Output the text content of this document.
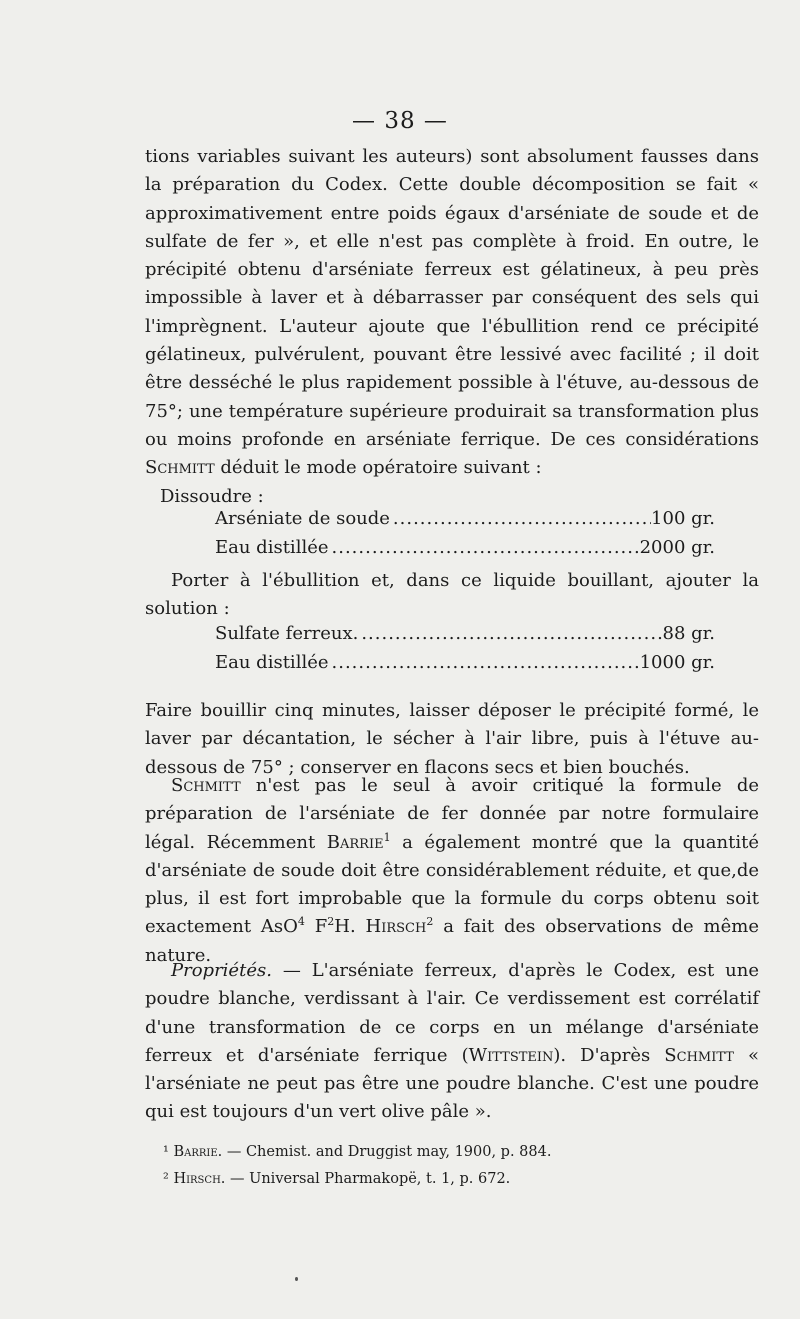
— 38 —
tions variables suivant les auteurs) sont absolument fausses dans la préparation du Codex. Cette double décomposition se fait « approximativement entre poids égaux d'arséniate de soude et de sulfate de fer », et elle n'est pas complète à froid. En outre, le précipité obtenu d'arséniate ferreux est gélatineux, à peu près impossible à laver et à débarrasser par conséquent des sels qui l'imprègnent. L'auteur ajoute que l'ébullition rend ce précipité gélatineux, pulvérulent, pouvant être lessivé avec facilité ; il doit être desséché le plus rapidement possible à l'étuve, au-dessous de 75°; une température supérieure produirait sa transformation plus ou moins profonde en arséniate ferrique. De ces considérations Schmitt déduit le mode opératoire suivant :
Dissoudre :
Arséniate de soude .....	100 gr.
Eau distillée .....	2000 gr.
Porter à l'ébullition et, dans ce liquide bouillant, ajouter la solution :
Sulfate ferreux. .....	88 gr.
Eau distillée .....	1000 gr.
Faire bouillir cinq minutes, laisser déposer le précipité formé, le laver par décantation, le sécher à l'air libre, puis à l'étuve au-dessous de 75° ; conserver en flacons secs et bien bouchés.
Schmitt n'est pas le seul à avoir critiqué la formule de préparation de l'arséniate de fer donnée par notre formulaire légal. Récemment Barrie$^1$ a également montré que la quantité d'arséniate de soude doit être considérablement réduite, et que,de plus, il est fort improbable que la formule du corps obtenu soit exactement AsO$^4$ $F^2H$. Hirsch$^2$ a fait des observations de même nature.
Propriétés. — L'arséniate ferreux, d'après le Codex, est une poudre blanche, verdissant à l'air. Ce verdissement est corrélatif d'une transformation de ce corps en un mélange d'arséniate ferreux et d'arséniate ferrique (Wittstein). D'après Schmitt « l'arséniate ne peut pas être une poudre blanche. C'est une poudre qui est toujours d'un vert olive pâle ».
¹ Barrie. — Chemist. and Druggist may, 1900, p. 884.
² Hirsch. — Universal Pharmakopë, t. 1, p. 672.
